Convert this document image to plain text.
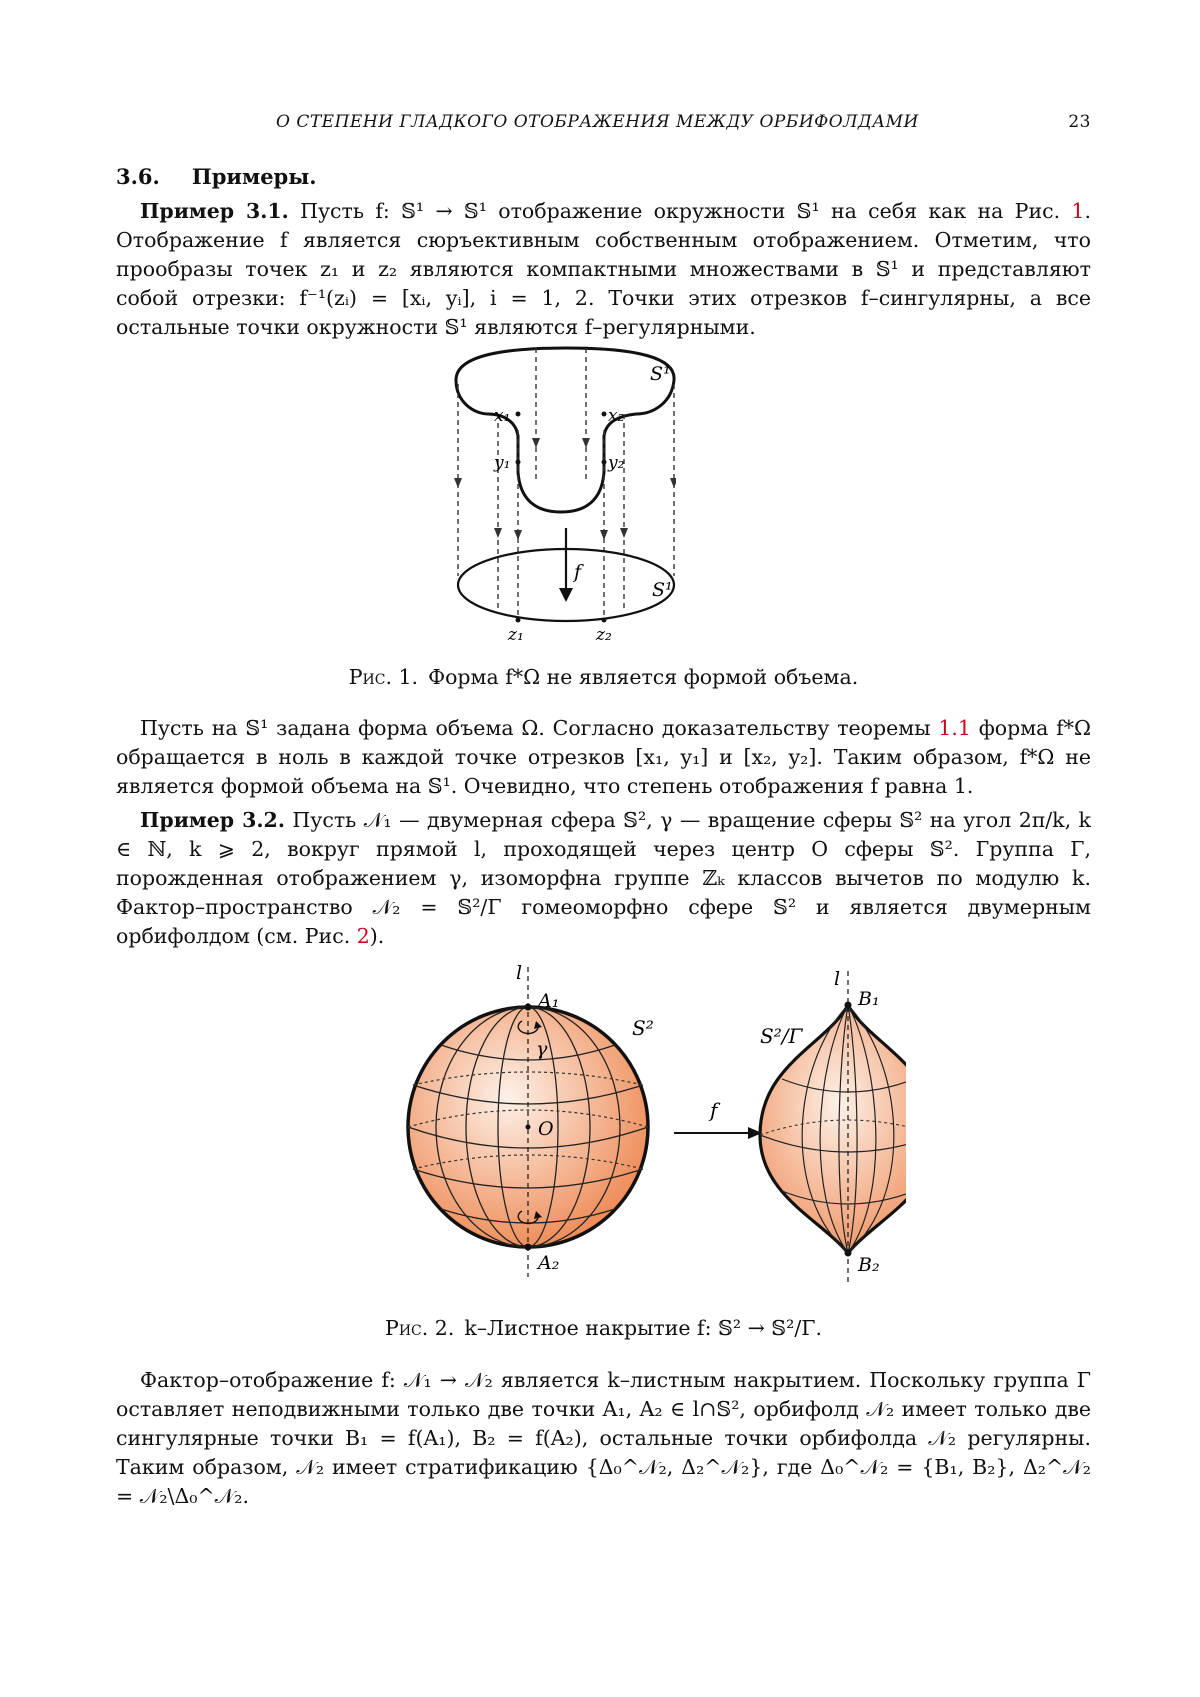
О СТЕПЕНИ ГЛАДКОГО ОТОБРАЖЕНИЯ МЕЖДУ ОРБИФОЛДАМИ	23
3.6. Примеры.
Пример 3.1. Пусть f: 𝕊¹ → 𝕊¹ отображение окружности 𝕊¹ на себя как на Рис. 1. Отображение f является сюръективным собственным отображением. Отметим, что прообразы точек z₁ и z₂ являются компактными множествами в 𝕊¹ и представляют собой отрезки: f⁻¹(zᵢ) = [xᵢ, yᵢ], i = 1, 2. Точки этих отрезков f–сингулярны, а все остальные точки окружности 𝕊¹ являются f–регулярными.
S¹
S¹
x₁
y₁
x₂
y₂
f
z₁	z₂
Рис. 1. Форма f*Ω не является формой объема.
Пусть на 𝕊¹ задана форма объема Ω. Согласно доказательству теоремы 1.1 форма f*Ω обращается в ноль в каждой точке отрезков [x₁, y₁] и [x₂, y₂]. Таким образом, f*Ω не является формой объема на 𝕊¹. Очевидно, что степень отображения f равна 1.
Пример 3.2. Пусть 𝒩₁ — двумерная сфера 𝕊², γ — вращение сферы 𝕊² на угол 2π/k, k ∈ ℕ, k ⩾ 2, вокруг прямой l, проходящей через центр O сферы 𝕊². Группа Γ, порожденная отображением γ, изоморфна группе ℤₖ классов вычетов по модулю k. Фактор–пространство 𝒩₂ = 𝕊²/Γ гомеоморфно сфере 𝕊² и является двумерным орбифолдом (см. Рис. 2).
l
A₁
A₂
S²
γ
O
f
l
B₁
B₂
S²/Γ
Рис. 2. k–Листное накрытие f: 𝕊² → 𝕊²/Γ.
Фактор–отображение f: 𝒩₁ → 𝒩₂ является k–листным накрытием. Поскольку группа Γ оставляет неподвижными только две точки A₁, A₂ ∈ l∩𝕊², орбифолд 𝒩₂ имеет только две сингулярные точки B₁ = f(A₁), B₂ = f(A₂), остальные точки орбифолда 𝒩₂ регулярны. Таким образом, 𝒩₂ имеет стратификацию {Δ₀^𝒩₂, Δ₂^𝒩₂}, где Δ₀^𝒩₂ = {B₁, B₂}, Δ₂^𝒩₂ = 𝒩₂\Δ₀^𝒩₂.
